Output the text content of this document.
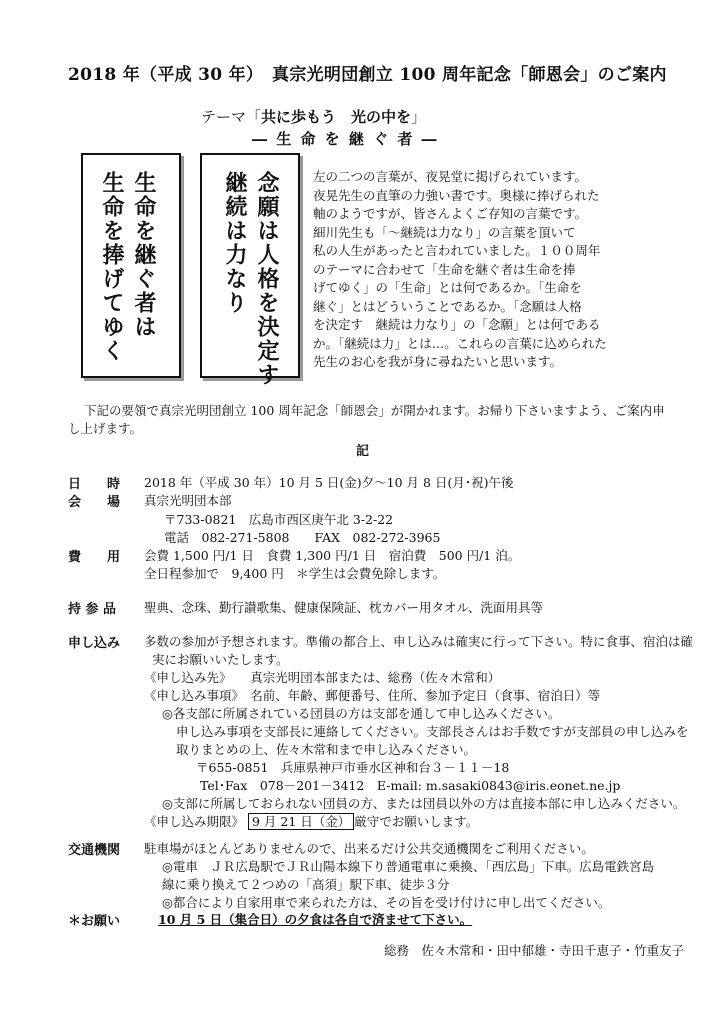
2018 年（平成 30 年）　真宗光明団創立 100 周年記念「師恩会」のご案内
テーマ「共に歩もう　光の中を」
― 生 命 を 継 ぐ 者 ―
生命を継ぐ者は
生命を捧げてゆく	念願は人格を決定す
継続は力なり	左の二つの言葉が、夜晃堂に掲げられています。
夜晃先生の直筆の力強い書です。奥様に捧げられた
軸のようですが、皆さんよくご存知の言葉です。
細川先生も「～継続は力なり」の言葉を頂いて
私の人生があったと言われていました。１００周年
のテーマに合わせて「生命を継ぐ者は生命を捧
げてゆく」の「生命」とは何であるか。「生命を
継ぐ」とはどういうことであるか。「念願は人格
を決定す　継続は力なり」の「念願」とは何である
か。「継続は力」とは…。これらの言葉に込められた
先生のお心を我が身に尋ねたいと思います。
下記の要領で真宗光明団創立 100 周年記念「師恩会」が開かれます。お帰り下さいますよう、ご案内申
し上げます。
記
日　　時 2018 年（平成 30 年）10 月 5 日(金)夕～10 月 8 日(月･祝)午後
会　　場 真宗光明団本部
〒733-0821　広島市西区庚午北 3-2-22
電話　082-271-5808　　FAX　082-272-3965
費　　用 会費 1,500 円/1 日　食費 1,300 円/1 日　宿泊費　500 円/1 泊。
全日程参加で　9,400 円　＊学生は会費免除します。
持 参 品 聖典、念珠、勤行讃歌集、健康保険証、枕カバー用タオル、洗面用具等
申し込み 多数の参加が予想されます。準備の都合上、申し込みは確実に行って下さい。特に食事、宿泊は確
実にお願いいたします。
《申し込み先》　　真宗光明団本部または、総務（佐々木常和）
《申し込み事項》　名前、年齢、郵便番号、住所、参加予定日（食事、宿泊日）等
◎各支部に所属されている団員の方は支部を通して申し込みください。
申し込み事項を支部長に連絡してください。支部長さんはお手数ですが支部員の申し込みを
取りまとめの上、佐々木常和まで申し込みください。
〒655-0851　兵庫県神戸市垂水区神和台３－１１－18
Tel･Fax　078－201－3412　E-mail: m.sasaki0843@iris.eonet.ne.jp
◎支部に所属しておられない団員の方、または団員以外の方は直接本部に申し込みください。
《申し込み期限》 9 月 21 日（金） 厳守でお願いします。
交通機関 駐車場がほとんどありませんので、出来るだけ公共交通機関をご利用ください。
◎電車　ＪＲ広島駅でＪＲ山陽本線下り普通電車に乗換、「西広島」下車。広島電鉄宮島
線に乗り換えて２つめの「高須」駅下車、徒歩３分
◎都合により自家用車で来られた方は、その旨を受け付けに申し出てください。
＊お願い	10 月 5 日（集合日）の夕食は各自で済ませて下さい。
総務　佐々木常和・田中郁雄・寺田千恵子・竹重友子
